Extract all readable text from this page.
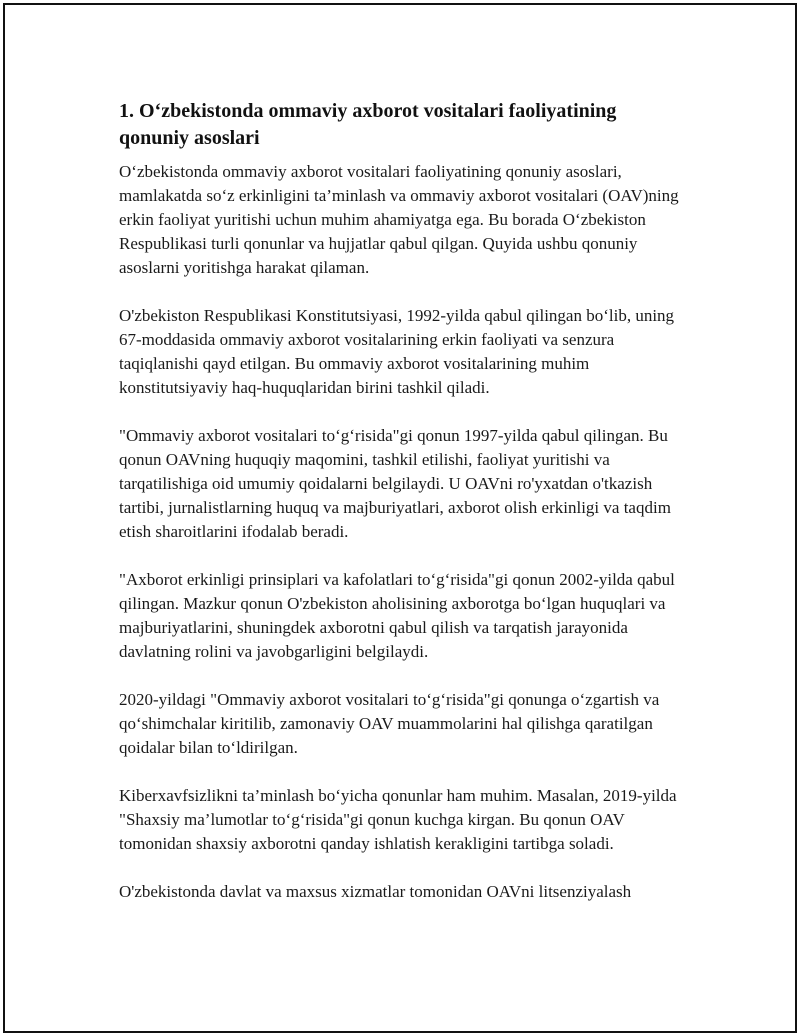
1. O‘zbekistonda ommaviy axborot vositalari faoliyatining qonuniy asoslari

O‘zbekistonda ommaviy axborot vositalari faoliyatining qonuniy asoslari, mamlakatda so‘z erkinligini ta’minlash va ommaviy axborot vositalari (OAV)ning erkin faoliyat yuritishi uchun muhim ahamiyatga ega. Bu borada O‘zbekiston Respublikasi turli qonunlar va hujjatlar qabul qilgan. Quyida ushbu qonuniy asoslarni yoritishga harakat qilaman.

O'zbekiston Respublikasi Konstitutsiyasi, 1992-yilda qabul qilingan bo‘lib, uning 67-moddasida ommaviy axborot vositalarining erkin faoliyati va senzura taqiqlanishi qayd etilgan. Bu ommaviy axborot vositalarining muhim konstitutsiyaviy haq-huquqlaridan birini tashkil qiladi.

"Ommaviy axborot vositalari to‘g‘risida"gi qonun 1997-yilda qabul qilingan. Bu qonun OAVning huquqiy maqomini, tashkil etilishi, faoliyat yuritishi va tarqatilishiga oid umumiy qoidalarni belgilaydi. U OAVni ro'yxatdan o'tkazish tartibi, jurnalistlarning huquq va majburiyatlari, axborot olish erkinligi va taqdim etish sharoitlarini ifodalab beradi.

"Axborot erkinligi prinsiplari va kafolatlari to‘g‘risida"gi qonun 2002-yilda qabul qilingan. Mazkur qonun O'zbekiston aholisining axborotga bo‘lgan huquqlari va majburiyatlarini, shuningdek axborotni qabul qilish va tarqatish jarayonida davlatning rolini va javobgarligini belgilaydi.

2020-yildagi "Ommaviy axborot vositalari to‘g‘risida"gi qonunga o‘zgartish va qo‘shimchalar kiritilib, zamonaviy OAV muammolarini hal qilishga qaratilgan qoidalar bilan to‘ldirilgan.

Kiberxavfsizlikni ta’minlash bo‘yicha qonunlar ham muhim. Masalan, 2019-yilda "Shaxsiy ma’lumotlar to‘g‘risida"gi qonun kuchga kirgan. Bu qonun OAV tomonidan shaxsiy axborotni qanday ishlatish kerakligini tartibga soladi.

O'zbekistonda davlat va maxsus xizmatlar tomonidan OAVni litsenziyalash
